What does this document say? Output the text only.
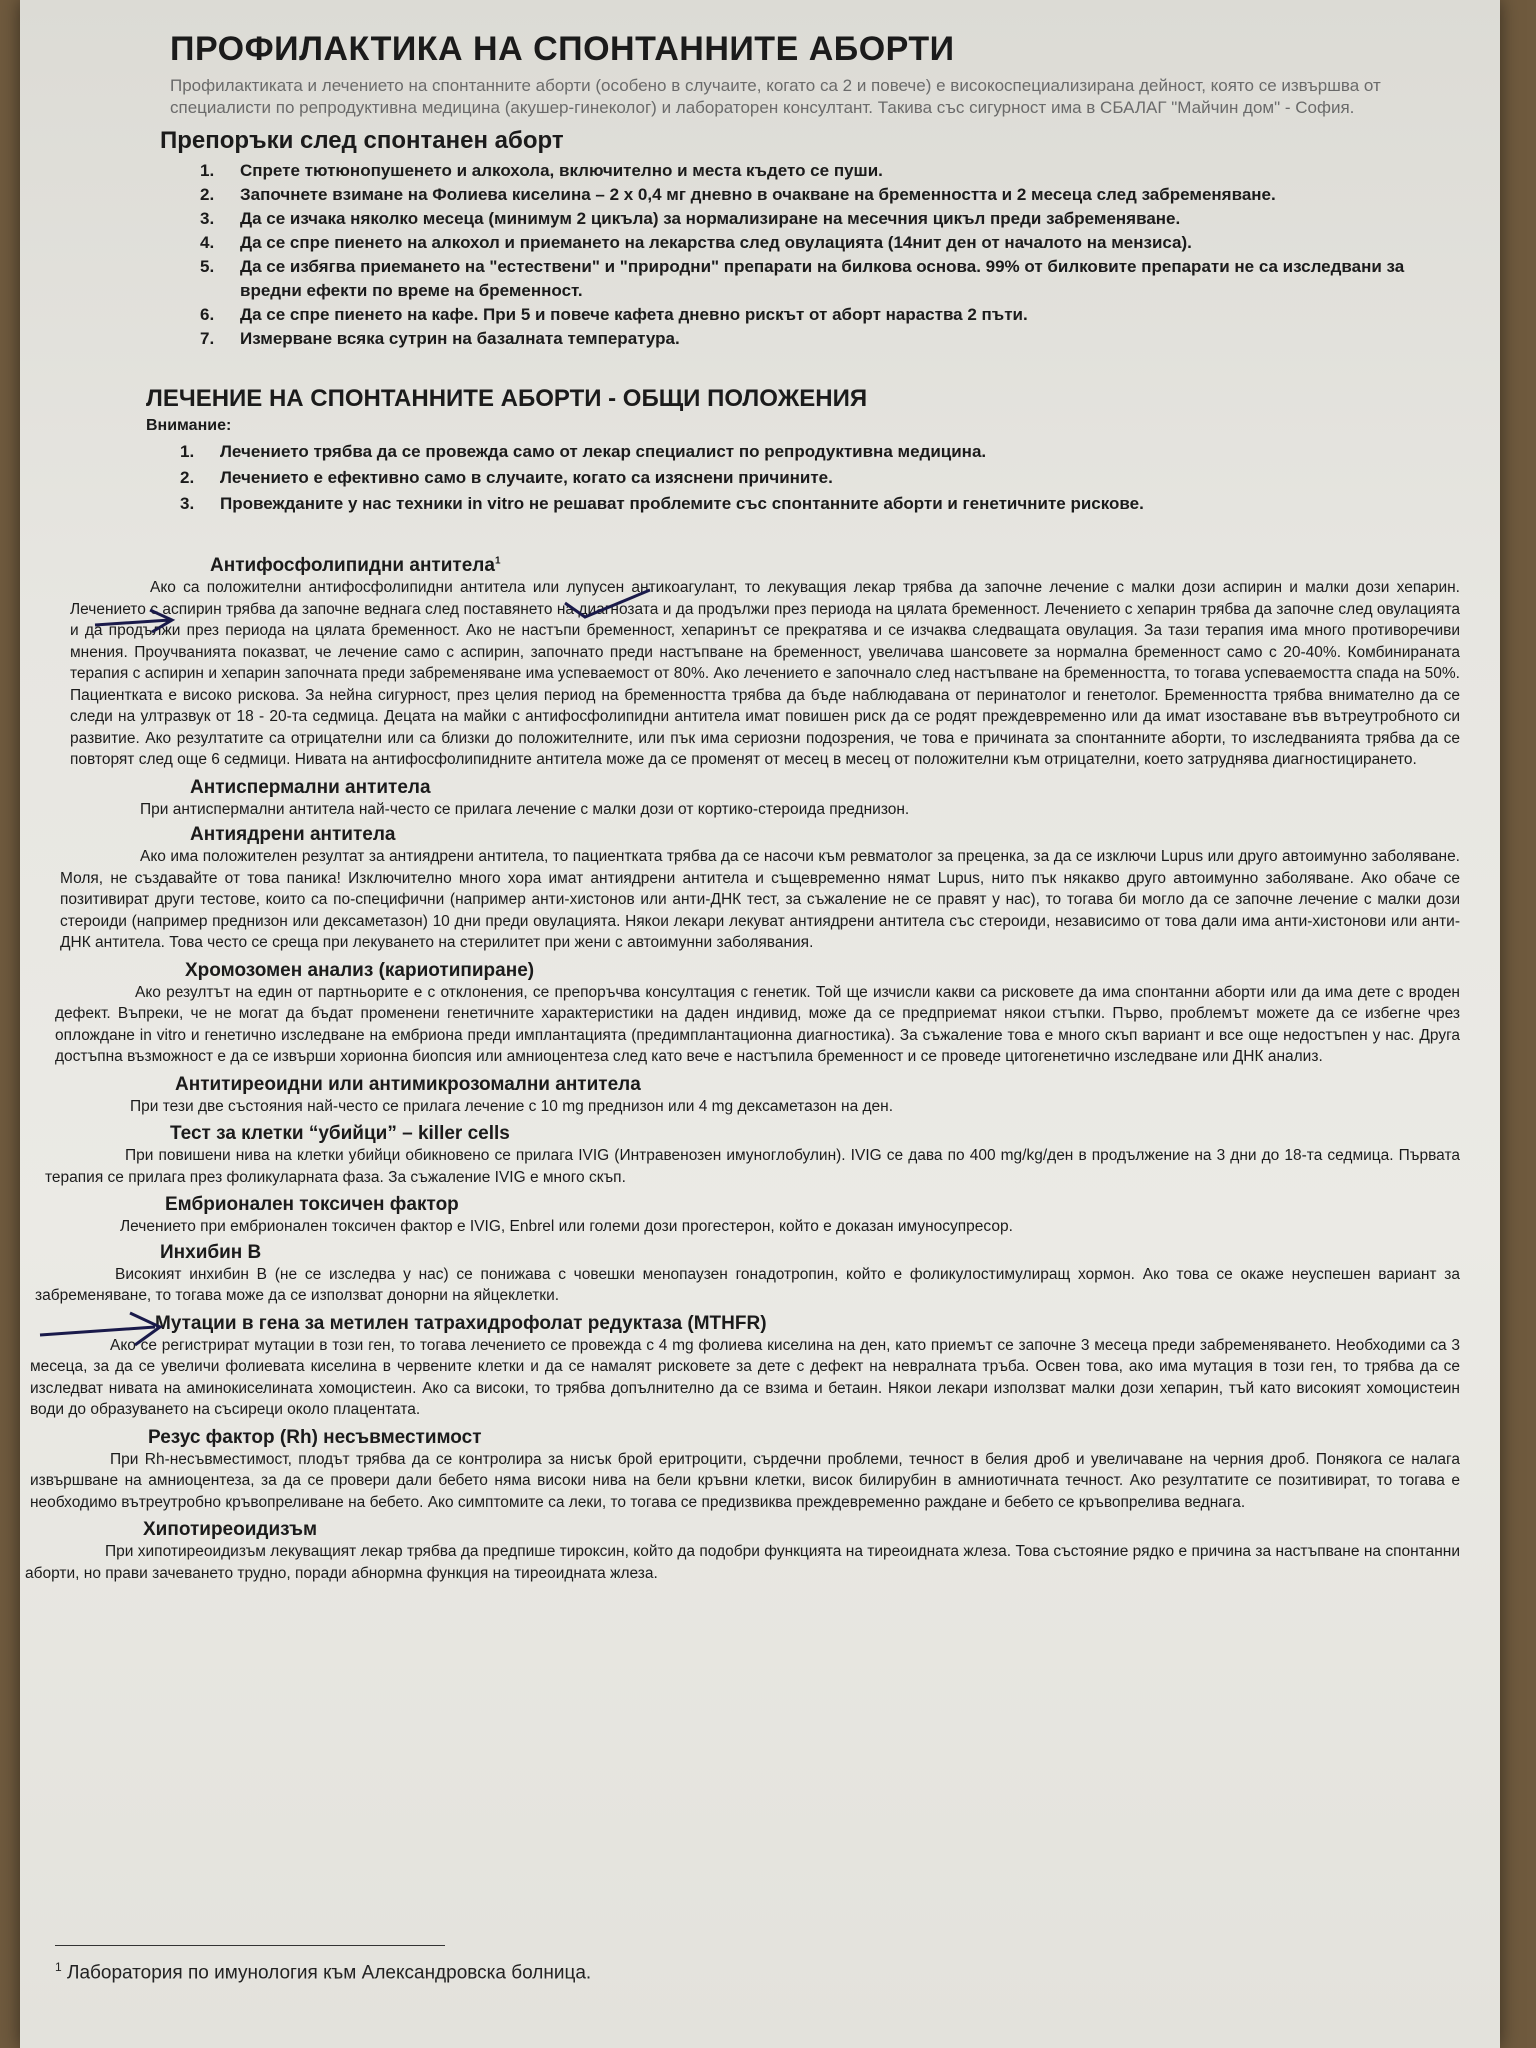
ПРОФИЛАКТИКА НА СПОНТАННИТЕ АБОРТИ

Профилактиката и лечението на спонтанните аборти (особено в случаите, когато са 2 и повече) е високоспециализирана дейност, която се извършва от специалисти по репродуктивна медицина (акушер-гинеколог) и лабораторен консултант. Такива със сигурност има в СБАЛАГ "Майчин дом" - София.

Препоръки след спонтанен аборт
1.	Спрете тютюнопушенето и алкохола, включително и места където се пуши.
2.	Започнете взимане на Фолиева киселина – 2 х 0,4 мг дневно в очакване на бременността и 2 месеца след забременяване.
3.	Да се изчака няколко месеца (минимум 2 цикъла) за нормализиране на месечния цикъл преди забременяване.
4.	Да се спре пиенето на алкохол и приемането на лекарства след овулацията (14нит ден от началото на мензиса).
5.	Да се избягва приемането на "естествени" и "природни" препарати на билкова основа. 99% от билковите препарати не са изследвани за вредни ефекти по време на бременност.
6.	Да се спре пиенето на кафе. При 5 и повече кафета дневно рискът от аборт нараства 2 пъти.
7.	Измерване всяка сутрин на базалната температура.
ЛЕЧЕНИЕ НА СПОНТАННИТЕ АБОРТИ - ОБЩИ ПОЛОЖЕНИЯ
Внимание:
1.	Лечението трябва да се провежда само от лекар специалист по репродуктивна медицина.
2.	Лечението е ефективно само в случаите, когато са изяснени причините.
3.	Провежданите у нас техники in vitro не решават проблемите със спонтанните аборти и генетичните рискове.
Антифосфолипидни антитела$^1$

Ако са положителни антифосфолипидни антитела или лупусен антикоагулант, то лекуващия лекар трябва да започне лечение с малки дози аспирин и малки дози хепарин. Лечението с аспирин трябва да започне веднага след поставянето на диагнозата и да продължи през периода на цялата бременност. Лечението с хепарин трябва да започне след овулацията и да продължи през периода на цялата бременност. Ако не настъпи бременност, хепаринът се прекратява и се изчаква следващата овулация. За тази терапия има много противоречиви мнения. Проучванията показват, че лечение само с аспирин, започнато преди настъпване на бременност, увеличава шансовете за нормална бременност само с 20-40%. Комбинираната терапия с аспирин и хепарин започната преди забременяване има успеваемост от 80%. Ако лечението е започнало след настъпване на бременността, то тогава успеваемостта спада на 50%. Пациентката е високо рискова. За нейна сигурност, през целия период на бременността трябва да бъде наблюдавана от перинатолог и генетолог. Бременността трябва внимателно да се следи на ултразвук от 18 - 20-та седмица. Децата на майки с антифосфолипидни антитела имат повишен риск да се родят преждевременно или да имат изоставане във вътреутробното си развитие. Ако резултатите са отрицателни или са близки до положителните, или пък има сериозни подозрения, че това е причината за спонтанните аборти, то изследванията трябва да се повторят след още 6 седмици. Нивата на антифосфолипидните антитела може да се променят от месец в месец от положителни към отрицателни, което затруднява диагностицирането.

Антиспермални антитела

При антиспермални антитела най-често се прилага лечение с малки дози от кортико-стероида преднизон.

Антиядрени антитела

Ако има положителен резултат за антиядрени антитела, то пациентката трябва да се насочи към ревматолог за преценка, за да се изключи Lupus или друго автоимунно заболяване. Моля, не създавайте от това паника! Изключително много хора имат антиядрени антитела и същевременно нямат Lupus, нито пък някакво друго автоимунно заболяване. Ако обаче се позитивират други тестове, които са по-специфични (например анти-хистонов или анти-ДНК тест, за съжаление не се правят у нас), то тогава би могло да се започне лечение с малки дози стероиди (например преднизон или дексаметазон) 10 дни преди овулацията. Някои лекари лекуват антиядрени антитела със стероиди, независимо от това дали има анти-хистонови или анти-ДНК антитела. Това често се среща при лекуването на стерилитет при жени с автоимунни заболявания.

Хромозомен анализ (кариотипиране)

Ако резултът на един от партньорите е с отклонения, се препоръчва консултация с генетик. Той ще изчисли какви са рисковете да има спонтанни аборти или да има дете с вроден дефект. Въпреки, че не могат да бъдат променени генетичните характеристики на даден индивид, може да се предприемат някои стъпки. Първо, проблемът можете да се избегне чрез оплождане in vitro и генетично изследване на ембриона преди имплантацията (предимплантационна диагностика). За съжаление това е много скъп вариант и все още недостъпен у нас. Друга достъпна възможност е да се извърши хорионна биопсия или амниоцентеза след като вече е настъпила бременност и се проведе цитогенетично изследване или ДНК анализ.

Антитиреоидни или антимикрозомални антитела

При тези две състояния най-често се прилага лечение с 10 mg преднизон или 4 mg дексаметазон на ден.

Тест за клетки “убийци” – killer cells

При повишени нива на клетки убийци обикновено се прилага IVIG (Интравенозен имуноглобулин). IVIG се дава по 400 mg/kg/ден в продължение на 3 дни до 18-та седмица. Първата терапия се прилага през фоликуларната фаза. За съжаление IVIG е много скъп.

Ембрионален токсичен фактор

Лечението при ембрионален токсичен фактор е IVIG, Enbrel или големи дози прогестерон, който е доказан имуносупресор.

Инхибин В

Високият инхибин В (не се изследва у нас) се понижава с човешки менопаузен гонадотропин, който е фоликулостимулиращ хормон. Ако това се окаже неуспешен вариант за забременяване, то тогава може да се използват донорни на яйцеклетки.

Мутации в гена за метилен татрахидрофолат редуктаза (MTHFR)

Ако се регистрират мутации в този ген, то тогава лечението се провежда с 4 mg фолиева киселина на ден, като приемът се започне 3 месеца преди забременяването. Необходими са 3 месеца, за да се увеличи фолиевата киселина в червените клетки и да се намалят рисковете за дете с дефект на невралната тръба. Освен това, ако има мутация в този ген, то трябва да се изследват нивата на аминокиселината хомоцистеин. Ако са високи, то трябва допълнително да се взима и бетаин. Някои лекари използват малки дози хепарин, тъй като високият хомоцистеин води до образуването на съсиреци около плацентата.

Резус фактор (Rh) несъвместимост

При Rh-несъвместимост, плодът трябва да се контролира за нисък брой еритроцити, сърдечни проблеми, течност в белия дроб и увеличаване на черния дроб. Понякога се налага извършване на амниоцентеза, за да се провери дали бебето няма високи нива на бели кръвни клетки, висок билирубин в амниотичната течност. Ако резултатите се позитивират, то тогава е необходимо вътреутробно кръвопреливане на бебето. Ако симптомите са леки, то тогава се предизвиква преждевременно раждане и бебето се кръвопрелива веднага.

Хипотиреоидизъм

При хипотиреоидизъм лекуващият лекар трябва да предпише тироксин, който да подобри функцията на тиреоидната жлеза. Това състояние рядко е причина за настъпване на спонтанни аборти, но прави зачеването трудно, поради абнормна функция на тиреоидната жлеза.

$^1$ Лаборатория по имунология към Александровска болница.
